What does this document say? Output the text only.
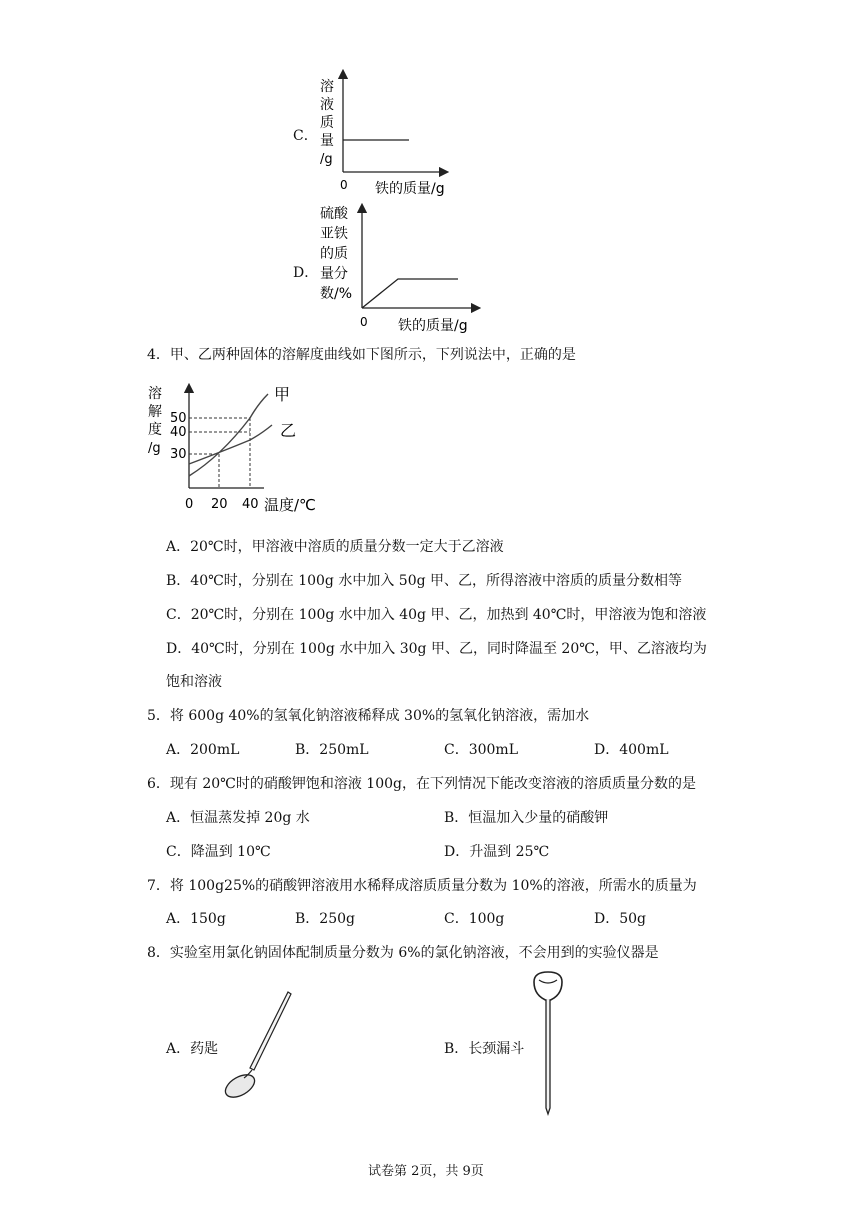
C．
溶
液
质
量
/g
0 铁的质量/g
D．
硫酸
亚铁
的质
量分
数/%
0 铁的质量/g
4．甲、乙两种固体的溶解度曲线如下图所示，下列说法中，正确的是
溶
解
度
/g
50
40
30
0 20 40 温度/℃
甲
乙
A．20℃时，甲溶液中溶质的质量分数一定大于乙溶液
B．40℃时，分别在 100g 水中加入 50g 甲、乙，所得溶液中溶质的质量分数相等
C．20℃时，分别在 100g 水中加入 40g 甲、乙，加热到 40℃时，甲溶液为饱和溶液
D．40℃时，分别在 100g 水中加入 30g 甲、乙，同时降温至 20℃，甲、乙溶液均为
饱和溶液
5．将 600g 40%的氢氧化钠溶液稀释成 30%的氢氧化钠溶液，需加水
A．200mL	B．250mL	C．300mL	D．400mL
6．现有 20℃时的硝酸钾饱和溶液 100g，在下列情况下能改变溶液的溶质质量分数的是
A．恒温蒸发掉 20g 水	B．恒温加入少量的硝酸钾
C．降温到 10℃	D．升温到 25℃
7．将 100g25%的硝酸钾溶液用水稀释成溶质质量分数为 10%的溶液，所需水的质量为
A．150g	B．250g	C．100g	D．50g
8．实验室用氯化钠固体配制质量分数为 6%的氯化钠溶液，不会用到的实验仪器是
A．药匙	B．长颈漏斗
试卷第 2页，共 9页
